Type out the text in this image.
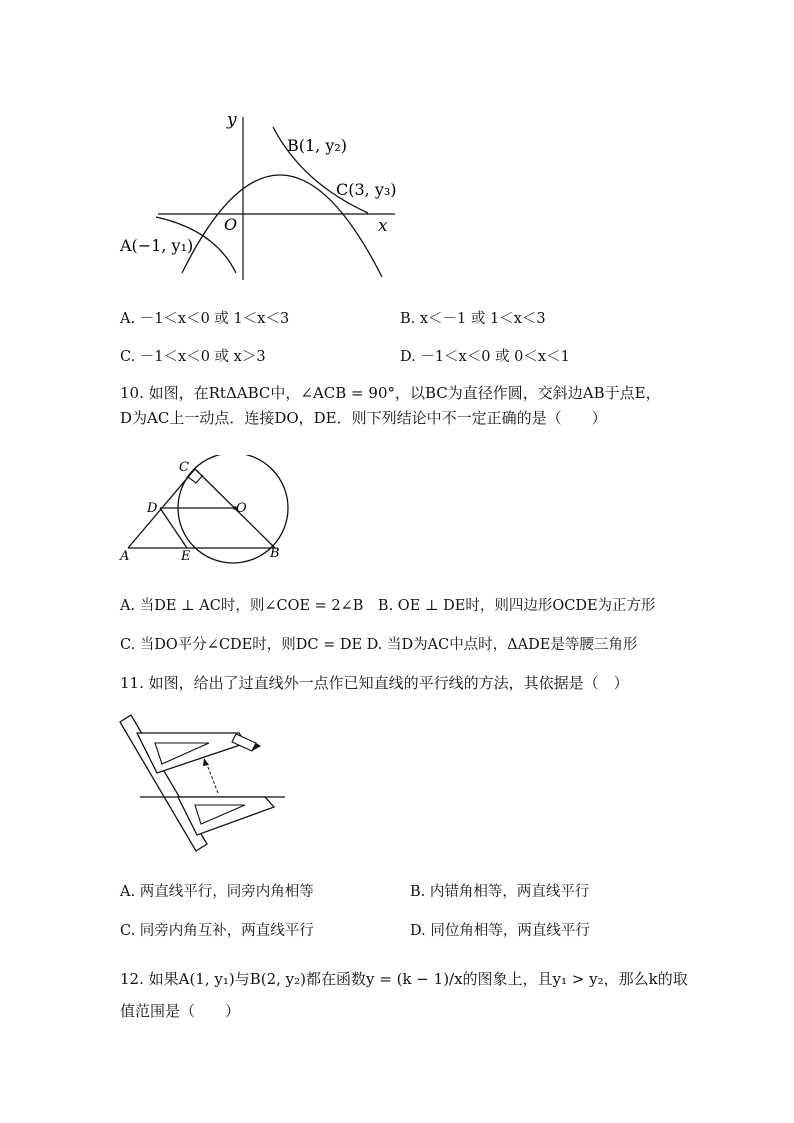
y
x
O
B(1, y₂)
C(3, y₃)
A(−1, y₁)
A. －1＜x＜0 或 1＜x＜3	B. x＜－1 或 1＜x＜3
C. －1＜x＜0 或 x＞3	D. －1＜x＜0 或 0＜x＜1
10. 如图，在RtΔABC中，∠ACB = 90°，以BC为直径作圆，交斜边AB于点E，
D为AC上一动点．连接DO，DE．则下列结论中不一定正确的是（　　）
C
O
D
A	E	B
A. 当DE ⊥ AC时，则∠COE = 2∠B　B. OE ⊥ DE时，则四边形OCDE为正方形
C. 当DO平分∠CDE时，则DC = DE D. 当D为AC中点时，ΔADE是等腰三角形
11. 如图，给出了过直线外一点作已知直线的平行线的方法，其依据是（　）
A. 两直线平行，同旁内角相等	B. 内错角相等，两直线平行
C. 同旁内角互补，两直线平行	D. 同位角相等，两直线平行
12. 如果A(1, y₁)与B(2, y₂)都在函数y = (k − 1)/x的图象上，且y₁ > y₂，那么k的取
值范围是（　　）
